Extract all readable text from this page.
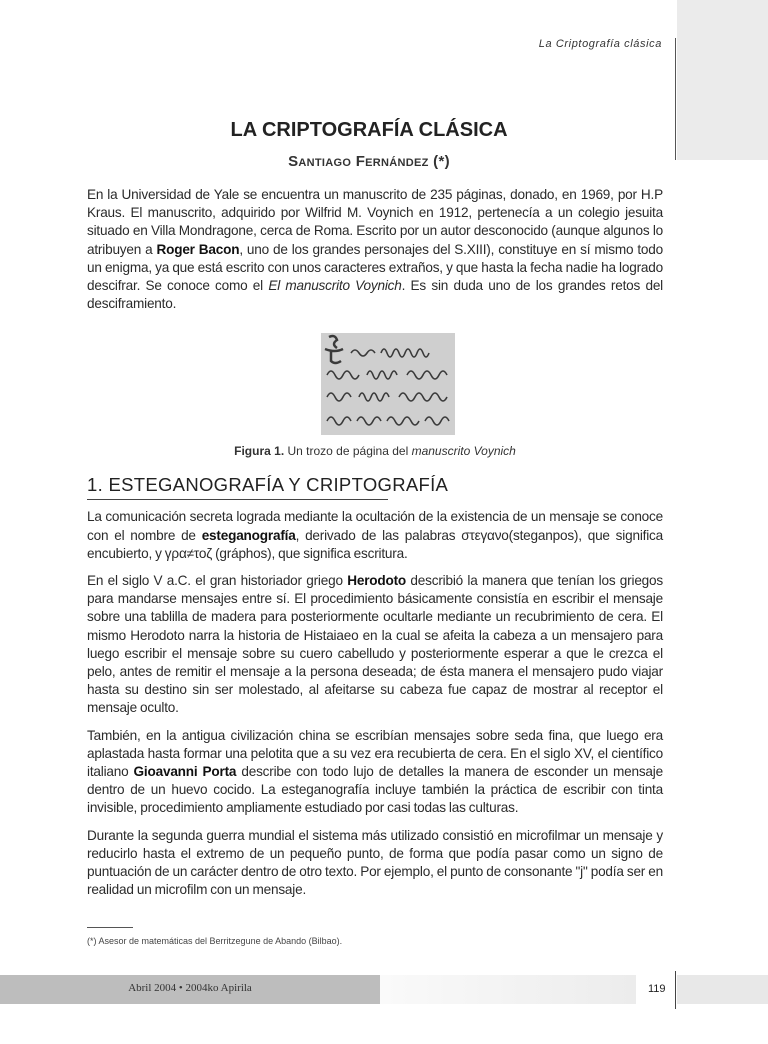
La Criptografía clásica
LA CRIPTOGRAFÍA CLÁSICA
Santiago Fernández (*)

En la Universidad de Yale se encuentra un manuscrito de 235 páginas, donado, en 1969, por H.P Kraus. El manuscrito, adquirido por Wilfrid M. Voynich en 1912, pertenecía a un colegio jesuita situado en Villa Mondragone, cerca de Roma. Escrito por un autor desconocido (aunque algunos lo atribuyen a Roger Bacon, uno de los grandes personajes del S.XIII), constituye en sí mismo todo un enigma, ya que está escrito con unos caracteres extraños, y que hasta la fecha nadie ha logrado descifrar. Se conoce como el El manuscrito Voynich. Es sin duda uno de los grandes retos del desciframiento.

Figura 1. Un trozo de página del manuscrito Voynich
1. ESTEGANOGRAFÍA Y CRIPTOGRAFÍA

La comunicación secreta lograda mediante la ocultación de la existencia de un mensaje se conoce con el nombre de esteganografía, derivado de las palabras στεγανο(steganpos), que significa encubierto, y γρα≠τοζ (gráphos), que significa escritura.

En el siglo V a.C. el gran historiador griego Herodoto describió la manera que tenían los griegos para mandarse mensajes entre sí. El procedimiento básicamente consistía en escribir el mensaje sobre una tablilla de madera para posteriormente ocultarle mediante un recubrimiento de cera. El mismo Herodoto narra la historia de Histaiaeo en la cual se afeita la cabeza a un mensajero para luego escribir el mensaje sobre su cuero cabelludo y posteriormente esperar a que le crezca el pelo, antes de remitir el mensaje a la persona deseada; de ésta manera el mensajero pudo viajar hasta su destino sin ser molestado, al afeitarse su cabeza fue capaz de mostrar al receptor el mensaje oculto.

También, en la antigua civilización china se escribían mensajes sobre seda fina, que luego era aplastada hasta formar una pelotita que a su vez era recubierta de cera. En el siglo XV, el científico italiano Gioavanni Porta describe con todo lujo de detalles la manera de esconder un mensaje dentro de un huevo cocido. La esteganografía incluye también la práctica de escribir con tinta invisible, procedimiento ampliamente estudiado por casi todas las culturas.

Durante la segunda guerra mundial el sistema más utilizado consistió en microfilmar un mensaje y reducirlo hasta el extremo de un pequeño punto, de forma que podía pasar como un signo de puntuación de un carácter dentro de otro texto. Por ejemplo, el punto de consonante "j" podía ser en realidad un microfilm con un mensaje.

(*) Asesor de matemáticas del Berritzegune de Abando (Bilbao).
Abril 2004 • 2004ko Apirila	119
